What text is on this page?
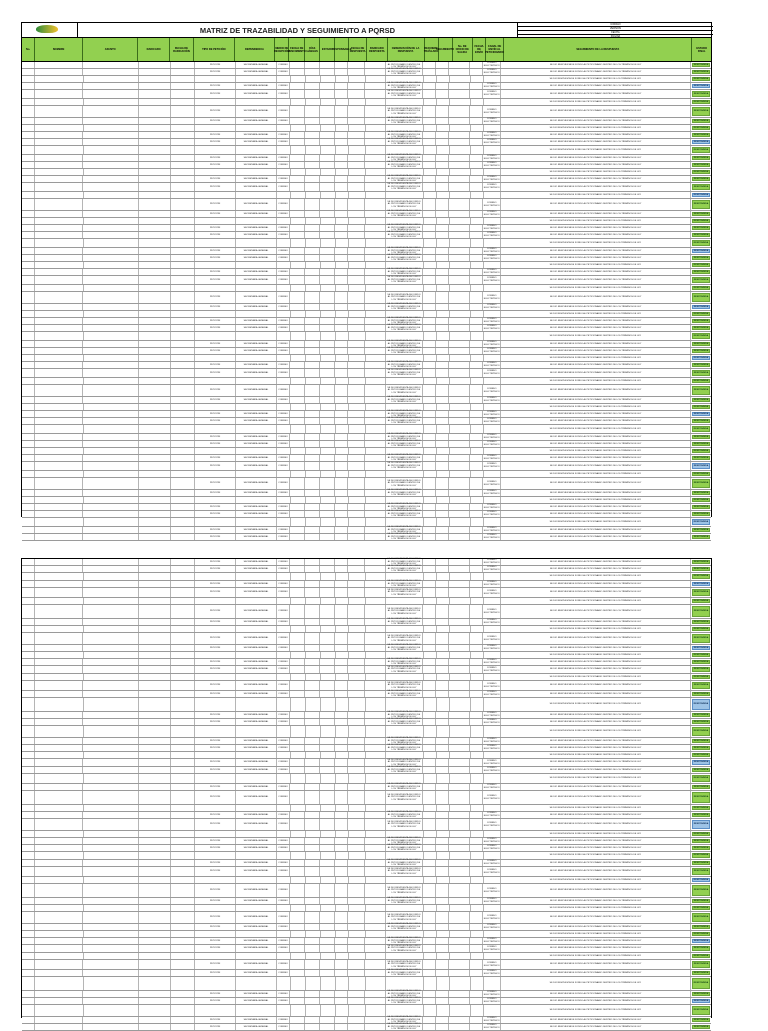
MATRIZ DE TRAZABILIDAD Y SEGUIMIENTO A PQRSD
CÓDIGO
VERSIÓN
FECHA
PÁGINA
No.	NOMBRE	ASUNTO	RADICADO	FECHA DE RADICACIÓN	TIPO DE PETICIÓN	DEPENDENCIA	MEDIO DE RECEPCIÓN
FECHA DE VENCIMIENTO
DÍAS HÁBILES	ESTADO RESPONSABLE FECHA DE RESPUESTA
RADICADO RESPUESTA
OBSERVACIÓN DE LA RESPUESTA
REQUIERE TRASLADO
SEGUIMIENTO
No. DE OFICIO DE SALIDA
FECHA DE ENVÍO
CANAL DE ENVÍO AL PETICIONARIO
SEGUIMIENTO DE LA RESPUESTA	ESTADO FINAL
PETICIÓN	SECRETARÍA GENERAL	CORREO
SE DIO RESPUESTA DE FONDO AL PETICIONARIO DENTRO DE LOS TÉRMINOS DE LEY
CORREO ELECTRÓNICO
SE DIO RESPUESTA DE FONDO AL PETICIONARIO DENTRO DE LOS TÉRMINOS DE LEY	RESPONDIDA
PETICIÓN	SECRETARÍA GENERAL	CORREO
SE DIO RESPUESTA DE FONDO AL PETICIONARIO DENTRO DE LOS TÉRMINOS DE LEY
CORREO ELECTRÓNICO
SE DIO RESPUESTA DE FONDO AL PETICIONARIO DENTRO DE LOS TÉRMINOS DE LEY	RESPONDIDA
SE DIO RESPUESTA DE FONDO AL PETICIONARIO DENTRO DE LOS TÉRMINOS DE LEY	RESPONDIDA
PETICIÓN	SECRETARÍA GENERAL	CORREO
SE DIO RESPUESTA DE FONDO AL PETICIONARIO DENTRO DE LOS TÉRMINOS DE LEY
CORREO ELECTRÓNICO
SE DIO RESPUESTA DE FONDO AL PETICIONARIO DENTRO DE LOS TÉRMINOS DE LEY	RESPONDIDA
PETICIÓN	SECRETARÍA GENERAL	CORREO
SE DIO RESPUESTA DE FONDO AL PETICIONARIO DENTRO DE LOS TÉRMINOS DE LEY
CORREO ELECTRÓNICO
SE DIO RESPUESTA DE FONDO AL PETICIONARIO DENTRO DE LOS TÉRMINOS DE LEY	RESPONDIDA
SE DIO RESPUESTA DE FONDO AL PETICIONARIO DENTRO DE LOS TÉRMINOS DE LEY	RESPONDIDA
PETICIÓN	SECRETARÍA GENERAL	CORREO
SE DIO RESPUESTA DE FONDO AL PETICIONARIO DENTRO DE LOS TÉRMINOS DE LEY
CORREO ELECTRÓNICO
SE DIO RESPUESTA DE FONDO AL PETICIONARIO DENTRO DE LOS TÉRMINOS DE LEY	RESPONDIDA
PETICIÓN	SECRETARÍA GENERAL	CORREO
SE DIO RESPUESTA DE FONDO AL PETICIONARIO DENTRO DE LOS TÉRMINOS DE LEY
CORREO ELECTRÓNICO
SE DIO RESPUESTA DE FONDO AL PETICIONARIO DENTRO DE LOS TÉRMINOS DE LEY	RESPONDIDA
SE DIO RESPUESTA DE FONDO AL PETICIONARIO DENTRO DE LOS TÉRMINOS DE LEY	RESPONDIDA
PETICIÓN	SECRETARÍA GENERAL	CORREO
SE DIO RESPUESTA DE FONDO AL PETICIONARIO DENTRO DE LOS TÉRMINOS DE LEY
CORREO ELECTRÓNICO
SE DIO RESPUESTA DE FONDO AL PETICIONARIO DENTRO DE LOS TÉRMINOS DE LEY	RESPONDIDA
PETICIÓN	SECRETARÍA GENERAL	CORREO
SE DIO RESPUESTA DE FONDO AL PETICIONARIO DENTRO DE LOS TÉRMINOS DE LEY
CORREO ELECTRÓNICO
SE DIO RESPUESTA DE FONDO AL PETICIONARIO DENTRO DE LOS TÉRMINOS DE LEY	RESPONDIDA
SE DIO RESPUESTA DE FONDO AL PETICIONARIO DENTRO DE LOS TÉRMINOS DE LEY	RESPONDIDA
PETICIÓN	SECRETARÍA GENERAL	CORREO
SE DIO RESPUESTA DE FONDO AL PETICIONARIO DENTRO DE LOS TÉRMINOS DE LEY
CORREO ELECTRÓNICO
SE DIO RESPUESTA DE FONDO AL PETICIONARIO DENTRO DE LOS TÉRMINOS DE LEY	RESPONDIDA
PETICIÓN	SECRETARÍA GENERAL	CORREO
SE DIO RESPUESTA DE FONDO AL PETICIONARIO DENTRO DE LOS TÉRMINOS DE LEY
CORREO ELECTRÓNICO
SE DIO RESPUESTA DE FONDO AL PETICIONARIO DENTRO DE LOS TÉRMINOS DE LEY	RESPONDIDA
SE DIO RESPUESTA DE FONDO AL PETICIONARIO DENTRO DE LOS TÉRMINOS DE LEY	RESPONDIDA
PETICIÓN	SECRETARÍA GENERAL	CORREO
SE DIO RESPUESTA DE FONDO AL PETICIONARIO DENTRO DE LOS TÉRMINOS DE LEY
CORREO ELECTRÓNICO
SE DIO RESPUESTA DE FONDO AL PETICIONARIO DENTRO DE LOS TÉRMINOS DE LEY	RESPONDIDA
PETICIÓN	SECRETARÍA GENERAL	CORREO
SE DIO RESPUESTA DE FONDO AL PETICIONARIO DENTRO DE LOS TÉRMINOS DE LEY
CORREO ELECTRÓNICO
SE DIO RESPUESTA DE FONDO AL PETICIONARIO DENTRO DE LOS TÉRMINOS DE LEY	RESPONDIDA
SE DIO RESPUESTA DE FONDO AL PETICIONARIO DENTRO DE LOS TÉRMINOS DE LEY	RESPONDIDA
PETICIÓN	SECRETARÍA GENERAL	CORREO
SE DIO RESPUESTA DE FONDO AL PETICIONARIO DENTRO DE LOS TÉRMINOS DE LEY
CORREO ELECTRÓNICO
SE DIO RESPUESTA DE FONDO AL PETICIONARIO DENTRO DE LOS TÉRMINOS DE LEY	RESPONDIDA
PETICIÓN	SECRETARÍA GENERAL	CORREO
SE DIO RESPUESTA DE FONDO AL PETICIONARIO DENTRO DE LOS TÉRMINOS DE LEY
CORREO ELECTRÓNICO
SE DIO RESPUESTA DE FONDO AL PETICIONARIO DENTRO DE LOS TÉRMINOS DE LEY	RESPONDIDA
SE DIO RESPUESTA DE FONDO AL PETICIONARIO DENTRO DE LOS TÉRMINOS DE LEY	RESPONDIDA
PETICIÓN	SECRETARÍA GENERAL	CORREO
SE DIO RESPUESTA DE FONDO AL PETICIONARIO DENTRO DE LOS TÉRMINOS DE LEY
CORREO ELECTRÓNICO
SE DIO RESPUESTA DE FONDO AL PETICIONARIO DENTRO DE LOS TÉRMINOS DE LEY	RESPONDIDA
PETICIÓN	SECRETARÍA GENERAL	CORREO
SE DIO RESPUESTA DE FONDO AL PETICIONARIO DENTRO DE LOS TÉRMINOS DE LEY
CORREO ELECTRÓNICO
SE DIO RESPUESTA DE FONDO AL PETICIONARIO DENTRO DE LOS TÉRMINOS DE LEY	RESPONDIDA
SE DIO RESPUESTA DE FONDO AL PETICIONARIO DENTRO DE LOS TÉRMINOS DE LEY	RESPONDIDA
PETICIÓN	SECRETARÍA GENERAL	CORREO
SE DIO RESPUESTA DE FONDO AL PETICIONARIO DENTRO DE LOS TÉRMINOS DE LEY
CORREO ELECTRÓNICO
SE DIO RESPUESTA DE FONDO AL PETICIONARIO DENTRO DE LOS TÉRMINOS DE LEY	RESPONDIDA
PETICIÓN	SECRETARÍA GENERAL	CORREO
SE DIO RESPUESTA DE FONDO AL PETICIONARIO DENTRO DE LOS TÉRMINOS DE LEY
CORREO ELECTRÓNICO
SE DIO RESPUESTA DE FONDO AL PETICIONARIO DENTRO DE LOS TÉRMINOS DE LEY	RESPONDIDA
SE DIO RESPUESTA DE FONDO AL PETICIONARIO DENTRO DE LOS TÉRMINOS DE LEY	RESPONDIDA
PETICIÓN	SECRETARÍA GENERAL	CORREO
SE DIO RESPUESTA DE FONDO AL PETICIONARIO DENTRO DE LOS TÉRMINOS DE LEY
CORREO ELECTRÓNICO
SE DIO RESPUESTA DE FONDO AL PETICIONARIO DENTRO DE LOS TÉRMINOS DE LEY	RESPONDIDA
PETICIÓN	SECRETARÍA GENERAL	CORREO
SE DIO RESPUESTA DE FONDO AL PETICIONARIO DENTRO DE LOS TÉRMINOS DE LEY
CORREO ELECTRÓNICO
SE DIO RESPUESTA DE FONDO AL PETICIONARIO DENTRO DE LOS TÉRMINOS DE LEY	RESPONDIDA
SE DIO RESPUESTA DE FONDO AL PETICIONARIO DENTRO DE LOS TÉRMINOS DE LEY	RESPONDIDA
PETICIÓN	SECRETARÍA GENERAL	CORREO
SE DIO RESPUESTA DE FONDO AL PETICIONARIO DENTRO DE LOS TÉRMINOS DE LEY
CORREO ELECTRÓNICO
SE DIO RESPUESTA DE FONDO AL PETICIONARIO DENTRO DE LOS TÉRMINOS DE LEY	RESPONDIDA
PETICIÓN	SECRETARÍA GENERAL	CORREO
SE DIO RESPUESTA DE FONDO AL PETICIONARIO DENTRO DE LOS TÉRMINOS DE LEY
CORREO ELECTRÓNICO
SE DIO RESPUESTA DE FONDO AL PETICIONARIO DENTRO DE LOS TÉRMINOS DE LEY	RESPONDIDA
SE DIO RESPUESTA DE FONDO AL PETICIONARIO DENTRO DE LOS TÉRMINOS DE LEY	RESPONDIDA
PETICIÓN	SECRETARÍA GENERAL	CORREO
SE DIO RESPUESTA DE FONDO AL PETICIONARIO DENTRO DE LOS TÉRMINOS DE LEY
CORREO ELECTRÓNICO
SE DIO RESPUESTA DE FONDO AL PETICIONARIO DENTRO DE LOS TÉRMINOS DE LEY	RESPONDIDA
PETICIÓN	SECRETARÍA GENERAL	CORREO
SE DIO RESPUESTA DE FONDO AL PETICIONARIO DENTRO DE LOS TÉRMINOS DE LEY
CORREO ELECTRÓNICO
SE DIO RESPUESTA DE FONDO AL PETICIONARIO DENTRO DE LOS TÉRMINOS DE LEY	RESPONDIDA
SE DIO RESPUESTA DE FONDO AL PETICIONARIO DENTRO DE LOS TÉRMINOS DE LEY	RESPONDIDA
PETICIÓN	SECRETARÍA GENERAL	CORREO
SE DIO RESPUESTA DE FONDO AL PETICIONARIO DENTRO DE LOS TÉRMINOS DE LEY
CORREO ELECTRÓNICO
SE DIO RESPUESTA DE FONDO AL PETICIONARIO DENTRO DE LOS TÉRMINOS DE LEY	RESPONDIDA
PETICIÓN	SECRETARÍA GENERAL	CORREO
SE DIO RESPUESTA DE FONDO AL PETICIONARIO DENTRO DE LOS TÉRMINOS DE LEY
CORREO ELECTRÓNICO
SE DIO RESPUESTA DE FONDO AL PETICIONARIO DENTRO DE LOS TÉRMINOS DE LEY	RESPONDIDA
SE DIO RESPUESTA DE FONDO AL PETICIONARIO DENTRO DE LOS TÉRMINOS DE LEY	RESPONDIDA
PETICIÓN	SECRETARÍA GENERAL	CORREO
SE DIO RESPUESTA DE FONDO AL PETICIONARIO DENTRO DE LOS TÉRMINOS DE LEY
CORREO ELECTRÓNICO
SE DIO RESPUESTA DE FONDO AL PETICIONARIO DENTRO DE LOS TÉRMINOS DE LEY	RESPONDIDA
PETICIÓN	SECRETARÍA GENERAL	CORREO
SE DIO RESPUESTA DE FONDO AL PETICIONARIO DENTRO DE LOS TÉRMINOS DE LEY
CORREO ELECTRÓNICO
SE DIO RESPUESTA DE FONDO AL PETICIONARIO DENTRO DE LOS TÉRMINOS DE LEY	RESPONDIDA
SE DIO RESPUESTA DE FONDO AL PETICIONARIO DENTRO DE LOS TÉRMINOS DE LEY	RESPONDIDA
PETICIÓN	SECRETARÍA GENERAL	CORREO
SE DIO RESPUESTA DE FONDO AL PETICIONARIO DENTRO DE LOS TÉRMINOS DE LEY
CORREO ELECTRÓNICO
SE DIO RESPUESTA DE FONDO AL PETICIONARIO DENTRO DE LOS TÉRMINOS DE LEY	RESPONDIDA
PETICIÓN	SECRETARÍA GENERAL	CORREO
SE DIO RESPUESTA DE FONDO AL PETICIONARIO DENTRO DE LOS TÉRMINOS DE LEY
CORREO ELECTRÓNICO
SE DIO RESPUESTA DE FONDO AL PETICIONARIO DENTRO DE LOS TÉRMINOS DE LEY	RESPONDIDA
SE DIO RESPUESTA DE FONDO AL PETICIONARIO DENTRO DE LOS TÉRMINOS DE LEY	RESPONDIDA
PETICIÓN	SECRETARÍA GENERAL	CORREO
SE DIO RESPUESTA DE FONDO AL PETICIONARIO DENTRO DE LOS TÉRMINOS DE LEY
CORREO ELECTRÓNICO
SE DIO RESPUESTA DE FONDO AL PETICIONARIO DENTRO DE LOS TÉRMINOS DE LEY	RESPONDIDA
PETICIÓN	SECRETARÍA GENERAL	CORREO
SE DIO RESPUESTA DE FONDO AL PETICIONARIO DENTRO DE LOS TÉRMINOS DE LEY
CORREO ELECTRÓNICO
SE DIO RESPUESTA DE FONDO AL PETICIONARIO DENTRO DE LOS TÉRMINOS DE LEY	RESPONDIDA
SE DIO RESPUESTA DE FONDO AL PETICIONARIO DENTRO DE LOS TÉRMINOS DE LEY	RESPONDIDA
PETICIÓN	SECRETARÍA GENERAL	CORREO
SE DIO RESPUESTA DE FONDO AL PETICIONARIO DENTRO DE LOS TÉRMINOS DE LEY
CORREO ELECTRÓNICO
SE DIO RESPUESTA DE FONDO AL PETICIONARIO DENTRO DE LOS TÉRMINOS DE LEY	RESPONDIDA
PETICIÓN	SECRETARÍA GENERAL	CORREO
SE DIO RESPUESTA DE FONDO AL PETICIONARIO DENTRO DE LOS TÉRMINOS DE LEY
CORREO ELECTRÓNICO
SE DIO RESPUESTA DE FONDO AL PETICIONARIO DENTRO DE LOS TÉRMINOS DE LEY	RESPONDIDA
SE DIO RESPUESTA DE FONDO AL PETICIONARIO DENTRO DE LOS TÉRMINOS DE LEY	RESPONDIDA
PETICIÓN	SECRETARÍA GENERAL	CORREO
SE DIO RESPUESTA DE FONDO AL PETICIONARIO DENTRO DE LOS TÉRMINOS DE LEY
CORREO ELECTRÓNICO
SE DIO RESPUESTA DE FONDO AL PETICIONARIO DENTRO DE LOS TÉRMINOS DE LEY	RESPONDIDA
PETICIÓN	SECRETARÍA GENERAL	CORREO
SE DIO RESPUESTA DE FONDO AL PETICIONARIO DENTRO DE LOS TÉRMINOS DE LEY
CORREO ELECTRÓNICO
SE DIO RESPUESTA DE FONDO AL PETICIONARIO DENTRO DE LOS TÉRMINOS DE LEY	RESPONDIDA
SE DIO RESPUESTA DE FONDO AL PETICIONARIO DENTRO DE LOS TÉRMINOS DE LEY	RESPONDIDA
PETICIÓN	SECRETARÍA GENERAL	CORREO
SE DIO RESPUESTA DE FONDO AL PETICIONARIO DENTRO DE LOS TÉRMINOS DE LEY
CORREO ELECTRÓNICO
SE DIO RESPUESTA DE FONDO AL PETICIONARIO DENTRO DE LOS TÉRMINOS DE LEY	RESPONDIDA
PETICIÓN	SECRETARÍA GENERAL	CORREO
SE DIO RESPUESTA DE FONDO AL PETICIONARIO DENTRO DE LOS TÉRMINOS DE LEY
CORREO ELECTRÓNICO
SE DIO RESPUESTA DE FONDO AL PETICIONARIO DENTRO DE LOS TÉRMINOS DE LEY	RESPONDIDA
SE DIO RESPUESTA DE FONDO AL PETICIONARIO DENTRO DE LOS TÉRMINOS DE LEY	RESPONDIDA
PETICIÓN	SECRETARÍA GENERAL	CORREO
SE DIO RESPUESTA DE FONDO AL PETICIONARIO DENTRO DE LOS TÉRMINOS DE LEY
CORREO ELECTRÓNICO
SE DIO RESPUESTA DE FONDO AL PETICIONARIO DENTRO DE LOS TÉRMINOS DE LEY	RESPONDIDA
PETICIÓN	SECRETARÍA GENERAL	CORREO
SE DIO RESPUESTA DE FONDO AL PETICIONARIO DENTRO DE LOS TÉRMINOS DE LEY
CORREO ELECTRÓNICO
SE DIO RESPUESTA DE FONDO AL PETICIONARIO DENTRO DE LOS TÉRMINOS DE LEY	RESPONDIDA
SE DIO RESPUESTA DE FONDO AL PETICIONARIO DENTRO DE LOS TÉRMINOS DE LEY	RESPONDIDA
PETICIÓN	SECRETARÍA GENERAL	CORREO
SE DIO RESPUESTA DE FONDO AL PETICIONARIO DENTRO DE LOS TÉRMINOS DE LEY
CORREO ELECTRÓNICO
SE DIO RESPUESTA DE FONDO AL PETICIONARIO DENTRO DE LOS TÉRMINOS DE LEY	RESPONDIDA
PETICIÓN	SECRETARÍA GENERAL	CORREO
SE DIO RESPUESTA DE FONDO AL PETICIONARIO DENTRO DE LOS TÉRMINOS DE LEY
CORREO ELECTRÓNICO
SE DIO RESPUESTA DE FONDO AL PETICIONARIO DENTRO DE LOS TÉRMINOS DE LEY	RESPONDIDA
PETICIÓN	SECRETARÍA GENERAL	CORREO
SE DIO RESPUESTA DE FONDO AL PETICIONARIO DENTRO DE LOS TÉRMINOS DE LEY
CORREO ELECTRÓNICO
SE DIO RESPUESTA DE FONDO AL PETICIONARIO DENTRO DE LOS TÉRMINOS DE LEY	RESPONDIDA
PETICIÓN	SECRETARÍA GENERAL	CORREO
SE DIO RESPUESTA DE FONDO AL PETICIONARIO DENTRO DE LOS TÉRMINOS DE LEY
CORREO ELECTRÓNICO
SE DIO RESPUESTA DE FONDO AL PETICIONARIO DENTRO DE LOS TÉRMINOS DE LEY	RESPONDIDA
SE DIO RESPUESTA DE FONDO AL PETICIONARIO DENTRO DE LOS TÉRMINOS DE LEY	RESPONDIDA
PETICIÓN	SECRETARÍA GENERAL	CORREO
SE DIO RESPUESTA DE FONDO AL PETICIONARIO DENTRO DE LOS TÉRMINOS DE LEY
CORREO ELECTRÓNICO
SE DIO RESPUESTA DE FONDO AL PETICIONARIO DENTRO DE LOS TÉRMINOS DE LEY	RESPONDIDA
PETICIÓN	SECRETARÍA GENERAL	CORREO
SE DIO RESPUESTA DE FONDO AL PETICIONARIO DENTRO DE LOS TÉRMINOS DE LEY
CORREO ELECTRÓNICO
SE DIO RESPUESTA DE FONDO AL PETICIONARIO DENTRO DE LOS TÉRMINOS DE LEY	RESPONDIDA
SE DIO RESPUESTA DE FONDO AL PETICIONARIO DENTRO DE LOS TÉRMINOS DE LEY	RESPONDIDA
PETICIÓN	SECRETARÍA GENERAL	CORREO
SE DIO RESPUESTA DE FONDO AL PETICIONARIO DENTRO DE LOS TÉRMINOS DE LEY
CORREO ELECTRÓNICO
SE DIO RESPUESTA DE FONDO AL PETICIONARIO DENTRO DE LOS TÉRMINOS DE LEY	RESPONDIDA
PETICIÓN	SECRETARÍA GENERAL	CORREO
SE DIO RESPUESTA DE FONDO AL PETICIONARIO DENTRO DE LOS TÉRMINOS DE LEY
CORREO ELECTRÓNICO
SE DIO RESPUESTA DE FONDO AL PETICIONARIO DENTRO DE LOS TÉRMINOS DE LEY	RESPONDIDA
SE DIO RESPUESTA DE FONDO AL PETICIONARIO DENTRO DE LOS TÉRMINOS DE LEY	RESPONDIDA
PETICIÓN	SECRETARÍA GENERAL	CORREO
SE DIO RESPUESTA DE FONDO AL PETICIONARIO DENTRO DE LOS TÉRMINOS DE LEY
CORREO ELECTRÓNICO
SE DIO RESPUESTA DE FONDO AL PETICIONARIO DENTRO DE LOS TÉRMINOS DE LEY	RESPONDIDA
PETICIÓN	SECRETARÍA GENERAL	CORREO
SE DIO RESPUESTA DE FONDO AL PETICIONARIO DENTRO DE LOS TÉRMINOS DE LEY
CORREO ELECTRÓNICO
SE DIO RESPUESTA DE FONDO AL PETICIONARIO DENTRO DE LOS TÉRMINOS DE LEY	RESPONDIDA
SE DIO RESPUESTA DE FONDO AL PETICIONARIO DENTRO DE LOS TÉRMINOS DE LEY	RESPONDIDA
PETICIÓN	SECRETARÍA GENERAL	CORREO
SE DIO RESPUESTA DE FONDO AL PETICIONARIO DENTRO DE LOS TÉRMINOS DE LEY
CORREO ELECTRÓNICO
SE DIO RESPUESTA DE FONDO AL PETICIONARIO DENTRO DE LOS TÉRMINOS DE LEY	RESPONDIDA
PETICIÓN	SECRETARÍA GENERAL	CORREO
SE DIO RESPUESTA DE FONDO AL PETICIONARIO DENTRO DE LOS TÉRMINOS DE LEY
CORREO ELECTRÓNICO
SE DIO RESPUESTA DE FONDO AL PETICIONARIO DENTRO DE LOS TÉRMINOS DE LEY	RESPONDIDA
SE DIO RESPUESTA DE FONDO AL PETICIONARIO DENTRO DE LOS TÉRMINOS DE LEY	RESPONDIDA
PETICIÓN	SECRETARÍA GENERAL	CORREO
SE DIO RESPUESTA DE FONDO AL PETICIONARIO DENTRO DE LOS TÉRMINOS DE LEY
CORREO ELECTRÓNICO
SE DIO RESPUESTA DE FONDO AL PETICIONARIO DENTRO DE LOS TÉRMINOS DE LEY	RESPONDIDA
PETICIÓN	SECRETARÍA GENERAL	CORREO
SE DIO RESPUESTA DE FONDO AL PETICIONARIO DENTRO DE LOS TÉRMINOS DE LEY
CORREO ELECTRÓNICO
SE DIO RESPUESTA DE FONDO AL PETICIONARIO DENTRO DE LOS TÉRMINOS DE LEY	RESPONDIDA
SE DIO RESPUESTA DE FONDO AL PETICIONARIO DENTRO DE LOS TÉRMINOS DE LEY	RESPONDIDA
PETICIÓN	SECRETARÍA GENERAL	CORREO
SE DIO RESPUESTA DE FONDO AL PETICIONARIO DENTRO DE LOS TÉRMINOS DE LEY
CORREO ELECTRÓNICO
SE DIO RESPUESTA DE FONDO AL PETICIONARIO DENTRO DE LOS TÉRMINOS DE LEY	RESPONDIDA
PETICIÓN	SECRETARÍA GENERAL	CORREO
SE DIO RESPUESTA DE FONDO AL PETICIONARIO DENTRO DE LOS TÉRMINOS DE LEY
CORREO ELECTRÓNICO
SE DIO RESPUESTA DE FONDO AL PETICIONARIO DENTRO DE LOS TÉRMINOS DE LEY	RESPONDIDA
SE DIO RESPUESTA DE FONDO AL PETICIONARIO DENTRO DE LOS TÉRMINOS DE LEY	RESPONDIDA
PETICIÓN	SECRETARÍA GENERAL	CORREO
SE DIO RESPUESTA DE FONDO AL PETICIONARIO DENTRO DE LOS TÉRMINOS DE LEY
CORREO ELECTRÓNICO
SE DIO RESPUESTA DE FONDO AL PETICIONARIO DENTRO DE LOS TÉRMINOS DE LEY	RESPONDIDA
PETICIÓN	SECRETARÍA GENERAL	CORREO
SE DIO RESPUESTA DE FONDO AL PETICIONARIO DENTRO DE LOS TÉRMINOS DE LEY
CORREO ELECTRÓNICO
SE DIO RESPUESTA DE FONDO AL PETICIONARIO DENTRO DE LOS TÉRMINOS DE LEY	RESPONDIDA
SE DIO RESPUESTA DE FONDO AL PETICIONARIO DENTRO DE LOS TÉRMINOS DE LEY	RESPONDIDA
PETICIÓN	SECRETARÍA GENERAL	CORREO
SE DIO RESPUESTA DE FONDO AL PETICIONARIO DENTRO DE LOS TÉRMINOS DE LEY
CORREO ELECTRÓNICO
SE DIO RESPUESTA DE FONDO AL PETICIONARIO DENTRO DE LOS TÉRMINOS DE LEY	RESPONDIDA
PETICIÓN	SECRETARÍA GENERAL	CORREO
SE DIO RESPUESTA DE FONDO AL PETICIONARIO DENTRO DE LOS TÉRMINOS DE LEY
CORREO ELECTRÓNICO
SE DIO RESPUESTA DE FONDO AL PETICIONARIO DENTRO DE LOS TÉRMINOS DE LEY	RESPONDIDA
SE DIO RESPUESTA DE FONDO AL PETICIONARIO DENTRO DE LOS TÉRMINOS DE LEY	RESPONDIDA
PETICIÓN	SECRETARÍA GENERAL	CORREO
SE DIO RESPUESTA DE FONDO AL PETICIONARIO DENTRO DE LOS TÉRMINOS DE LEY
CORREO ELECTRÓNICO
SE DIO RESPUESTA DE FONDO AL PETICIONARIO DENTRO DE LOS TÉRMINOS DE LEY	RESPONDIDA
PETICIÓN	SECRETARÍA GENERAL	CORREO
SE DIO RESPUESTA DE FONDO AL PETICIONARIO DENTRO DE LOS TÉRMINOS DE LEY
CORREO ELECTRÓNICO
SE DIO RESPUESTA DE FONDO AL PETICIONARIO DENTRO DE LOS TÉRMINOS DE LEY	RESPONDIDA
SE DIO RESPUESTA DE FONDO AL PETICIONARIO DENTRO DE LOS TÉRMINOS DE LEY	RESPONDIDA
PETICIÓN	SECRETARÍA GENERAL	CORREO
SE DIO RESPUESTA DE FONDO AL PETICIONARIO DENTRO DE LOS TÉRMINOS DE LEY
CORREO ELECTRÓNICO
SE DIO RESPUESTA DE FONDO AL PETICIONARIO DENTRO DE LOS TÉRMINOS DE LEY	RESPONDIDA
PETICIÓN	SECRETARÍA GENERAL	CORREO
SE DIO RESPUESTA DE FONDO AL PETICIONARIO DENTRO DE LOS TÉRMINOS DE LEY
CORREO ELECTRÓNICO
SE DIO RESPUESTA DE FONDO AL PETICIONARIO DENTRO DE LOS TÉRMINOS DE LEY	RESPONDIDA
SE DIO RESPUESTA DE FONDO AL PETICIONARIO DENTRO DE LOS TÉRMINOS DE LEY	RESPONDIDA
PETICIÓN	SECRETARÍA GENERAL	CORREO
SE DIO RESPUESTA DE FONDO AL PETICIONARIO DENTRO DE LOS TÉRMINOS DE LEY
CORREO ELECTRÓNICO
SE DIO RESPUESTA DE FONDO AL PETICIONARIO DENTRO DE LOS TÉRMINOS DE LEY	RESPONDIDA
PETICIÓN	SECRETARÍA GENERAL	CORREO
SE DIO RESPUESTA DE FONDO AL PETICIONARIO DENTRO DE LOS TÉRMINOS DE LEY
CORREO ELECTRÓNICO
SE DIO RESPUESTA DE FONDO AL PETICIONARIO DENTRO DE LOS TÉRMINOS DE LEY	RESPONDIDA
SE DIO RESPUESTA DE FONDO AL PETICIONARIO DENTRO DE LOS TÉRMINOS DE LEY	RESPONDIDA
PETICIÓN	SECRETARÍA GENERAL	CORREO
SE DIO RESPUESTA DE FONDO AL PETICIONARIO DENTRO DE LOS TÉRMINOS DE LEY
CORREO ELECTRÓNICO
SE DIO RESPUESTA DE FONDO AL PETICIONARIO DENTRO DE LOS TÉRMINOS DE LEY	RESPONDIDA
PETICIÓN	SECRETARÍA GENERAL	CORREO
SE DIO RESPUESTA DE FONDO AL PETICIONARIO DENTRO DE LOS TÉRMINOS DE LEY
CORREO ELECTRÓNICO
SE DIO RESPUESTA DE FONDO AL PETICIONARIO DENTRO DE LOS TÉRMINOS DE LEY	RESPONDIDA
SE DIO RESPUESTA DE FONDO AL PETICIONARIO DENTRO DE LOS TÉRMINOS DE LEY	RESPONDIDA
PETICIÓN	SECRETARÍA GENERAL	CORREO
SE DIO RESPUESTA DE FONDO AL PETICIONARIO DENTRO DE LOS TÉRMINOS DE LEY
CORREO ELECTRÓNICO
SE DIO RESPUESTA DE FONDO AL PETICIONARIO DENTRO DE LOS TÉRMINOS DE LEY	RESPONDIDA
PETICIÓN	SECRETARÍA GENERAL	CORREO
SE DIO RESPUESTA DE FONDO AL PETICIONARIO DENTRO DE LOS TÉRMINOS DE LEY
CORREO ELECTRÓNICO
SE DIO RESPUESTA DE FONDO AL PETICIONARIO DENTRO DE LOS TÉRMINOS DE LEY	RESPONDIDA
SE DIO RESPUESTA DE FONDO AL PETICIONARIO DENTRO DE LOS TÉRMINOS DE LEY	RESPONDIDA
PETICIÓN	SECRETARÍA GENERAL	CORREO
SE DIO RESPUESTA DE FONDO AL PETICIONARIO DENTRO DE LOS TÉRMINOS DE LEY
CORREO ELECTRÓNICO
SE DIO RESPUESTA DE FONDO AL PETICIONARIO DENTRO DE LOS TÉRMINOS DE LEY	RESPONDIDA
PETICIÓN	SECRETARÍA GENERAL	CORREO
SE DIO RESPUESTA DE FONDO AL PETICIONARIO DENTRO DE LOS TÉRMINOS DE LEY
CORREO ELECTRÓNICO
SE DIO RESPUESTA DE FONDO AL PETICIONARIO DENTRO DE LOS TÉRMINOS DE LEY	RESPONDIDA
SE DIO RESPUESTA DE FONDO AL PETICIONARIO DENTRO DE LOS TÉRMINOS DE LEY	RESPONDIDA
PETICIÓN	SECRETARÍA GENERAL	CORREO
SE DIO RESPUESTA DE FONDO AL PETICIONARIO DENTRO DE LOS TÉRMINOS DE LEY
CORREO ELECTRÓNICO
SE DIO RESPUESTA DE FONDO AL PETICIONARIO DENTRO DE LOS TÉRMINOS DE LEY	RESPONDIDA
PETICIÓN	SECRETARÍA GENERAL	CORREO
SE DIO RESPUESTA DE FONDO AL PETICIONARIO DENTRO DE LOS TÉRMINOS DE LEY
CORREO ELECTRÓNICO
SE DIO RESPUESTA DE FONDO AL PETICIONARIO DENTRO DE LOS TÉRMINOS DE LEY	RESPONDIDA
SE DIO RESPUESTA DE FONDO AL PETICIONARIO DENTRO DE LOS TÉRMINOS DE LEY	RESPONDIDA
PETICIÓN	SECRETARÍA GENERAL	CORREO
SE DIO RESPUESTA DE FONDO AL PETICIONARIO DENTRO DE LOS TÉRMINOS DE LEY
CORREO ELECTRÓNICO
SE DIO RESPUESTA DE FONDO AL PETICIONARIO DENTRO DE LOS TÉRMINOS DE LEY	RESPONDIDA
PETICIÓN	SECRETARÍA GENERAL	CORREO
SE DIO RESPUESTA DE FONDO AL PETICIONARIO DENTRO DE LOS TÉRMINOS DE LEY
CORREO ELECTRÓNICO
SE DIO RESPUESTA DE FONDO AL PETICIONARIO DENTRO DE LOS TÉRMINOS DE LEY	RESPONDIDA
SE DIO RESPUESTA DE FONDO AL PETICIONARIO DENTRO DE LOS TÉRMINOS DE LEY	RESPONDIDA
PETICIÓN	SECRETARÍA GENERAL	CORREO
SE DIO RESPUESTA DE FONDO AL PETICIONARIO DENTRO DE LOS TÉRMINOS DE LEY
CORREO ELECTRÓNICO
SE DIO RESPUESTA DE FONDO AL PETICIONARIO DENTRO DE LOS TÉRMINOS DE LEY	RESPONDIDA
PETICIÓN	SECRETARÍA GENERAL	CORREO
SE DIO RESPUESTA DE FONDO AL PETICIONARIO DENTRO DE LOS TÉRMINOS DE LEY
CORREO ELECTRÓNICO
SE DIO RESPUESTA DE FONDO AL PETICIONARIO DENTRO DE LOS TÉRMINOS DE LEY	RESPONDIDA
SE DIO RESPUESTA DE FONDO AL PETICIONARIO DENTRO DE LOS TÉRMINOS DE LEY	RESPONDIDA
PETICIÓN	SECRETARÍA GENERAL	CORREO
SE DIO RESPUESTA DE FONDO AL PETICIONARIO DENTRO DE LOS TÉRMINOS DE LEY
CORREO ELECTRÓNICO
SE DIO RESPUESTA DE FONDO AL PETICIONARIO DENTRO DE LOS TÉRMINOS DE LEY	RESPONDIDA
PETICIÓN	SECRETARÍA GENERAL	CORREO
SE DIO RESPUESTA DE FONDO AL PETICIONARIO DENTRO DE LOS TÉRMINOS DE LEY
CORREO ELECTRÓNICO
SE DIO RESPUESTA DE FONDO AL PETICIONARIO DENTRO DE LOS TÉRMINOS DE LEY	RESPONDIDA
